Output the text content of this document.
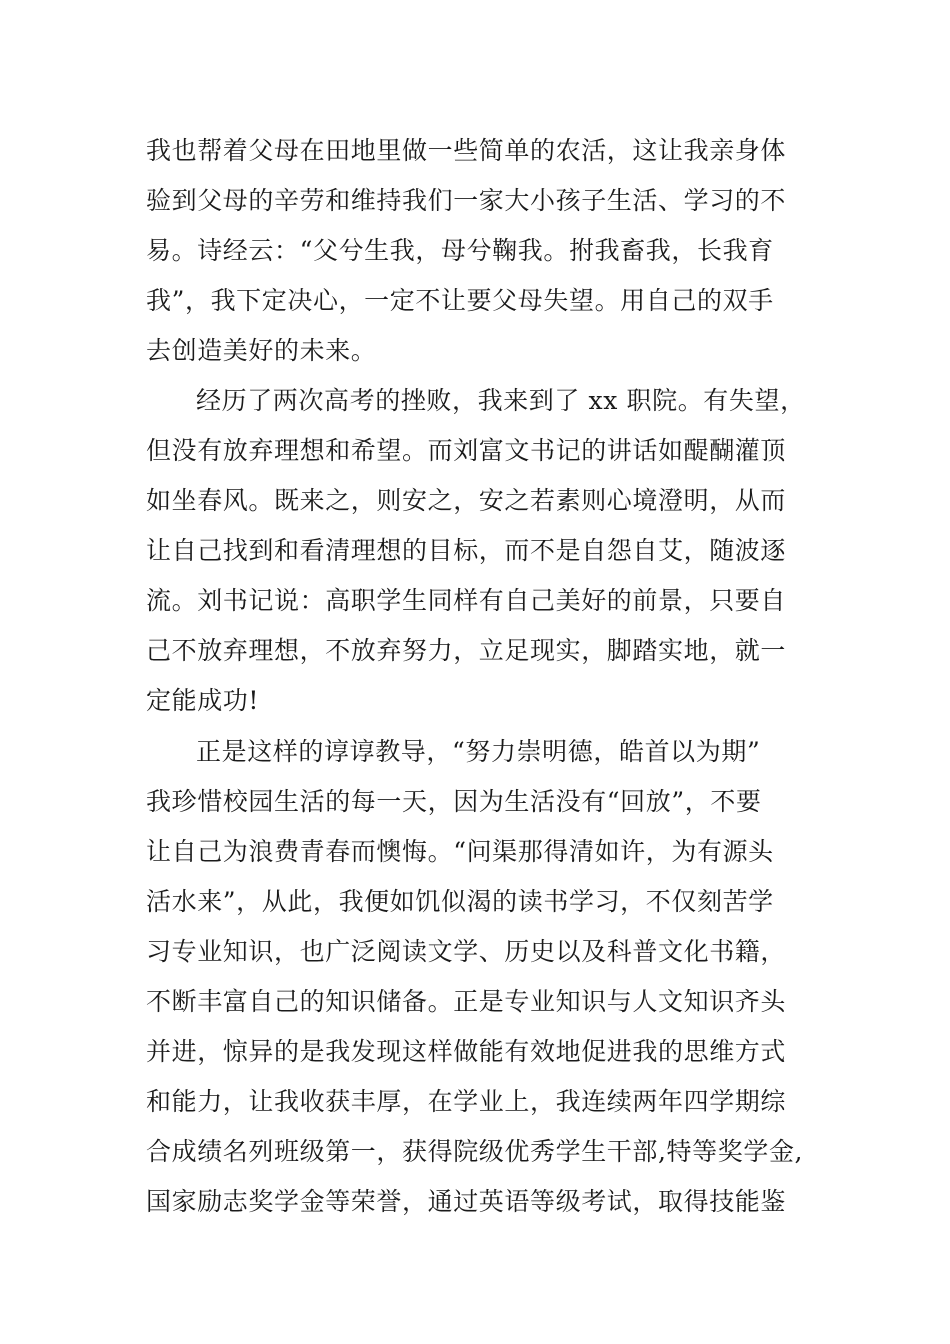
我也帮着父母在田地里做一些简单的农活，这让我亲身体
验到父母的辛劳和维持我们一家大小孩子生活、学习的不
易。诗经云：“父兮生我，母兮鞠我。拊我畜我，长我育
我”，我下定决心，一定不让要父母失望。用自己的双手
去创造美好的未来。
经历了两次高考的挫败，我来到了 xx 职院。有失望，
但没有放弃理想和希望。而刘富文书记的讲话如醍醐灌顶
如坐春风。既来之，则安之，安之若素则心境澄明，从而
让自己找到和看清理想的目标，而不是自怨自艾，随波逐
流。刘书记说：高职学生同样有自己美好的前景，只要自
己不放弃理想，不放弃努力，立足现实，脚踏实地，就一
定能成功!
正是这样的谆谆教导，“努力崇明德，皓首以为期”
我珍惜校园生活的每一天，因为生活没有“回放”，不要
让自己为浪费青春而懊悔。“问渠那得清如许，为有源头
活水来”，从此，我便如饥似渴的读书学习，不仅刻苦学
习专业知识，也广泛阅读文学、历史以及科普文化书籍，
不断丰富自己的知识储备。正是专业知识与人文知识齐头
并进，惊异的是我发现这样做能有效地促进我的思维方式
和能力，让我收获丰厚，在学业上，我连续两年四学期综
合成绩名列班级第一，获得院级优秀学生干部,特等奖学金,
国家励志奖学金等荣誉，通过英语等级考试，取得技能鉴
